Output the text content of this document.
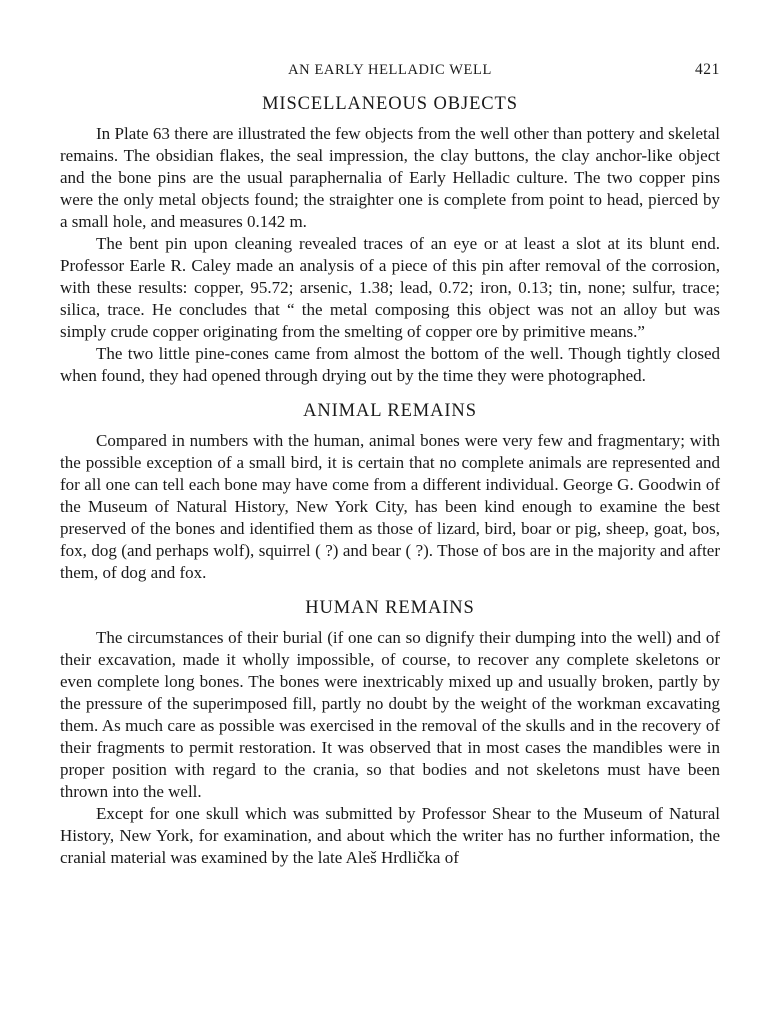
AN EARLY HELLADIC WELL	421
MISCELLANEOUS OBJECTS

In Plate 63 there are illustrated the few objects from the well other than pottery and skeletal remains. The obsidian flakes, the seal impression, the clay buttons, the clay anchor-like object and the bone pins are the usual paraphernalia of Early Helladic culture. The two copper pins were the only metal objects found; the straighter one is complete from point to head, pierced by a small hole, and measures 0.142 m.

The bent pin upon cleaning revealed traces of an eye or at least a slot at its blunt end. Professor Earle R. Caley made an analysis of a piece of this pin after removal of the corrosion, with these results: copper, 95.72; arsenic, 1.38; lead, 0.72; iron, 0.13; tin, none; sulfur, trace; silica, trace. He concludes that “ the metal composing this object was not an alloy but was simply crude copper originating from the smelting of copper ore by primitive means.”

The two little pine-cones came from almost the bottom of the well. Though tightly closed when found, they had opened through drying out by the time they were photographed.

ANIMAL REMAINS

Compared in numbers with the human, animal bones were very few and fragmentary; with the possible exception of a small bird, it is certain that no complete animals are represented and for all one can tell each bone may have come from a different individual. George G. Goodwin of the Museum of Natural History, New York City, has been kind enough to examine the best preserved of the bones and identified them as those of lizard, bird, boar or pig, sheep, goat, bos, fox, dog (and perhaps wolf), squirrel ( ?) and bear ( ?). Those of bos are in the majority and after them, of dog and fox.

HUMAN REMAINS

The circumstances of their burial (if one can so dignify their dumping into the well) and of their excavation, made it wholly impossible, of course, to recover any complete skeletons or even complete long bones. The bones were inextricably mixed up and usually broken, partly by the pressure of the superimposed fill, partly no doubt by the weight of the workman excavating them. As much care as possible was exercised in the removal of the skulls and in the recovery of their fragments to permit restoration. It was observed that in most cases the mandibles were in proper position with regard to the crania, so that bodies and not skeletons must have been thrown into the well.

Except for one skull which was submitted by Professor Shear to the Museum of Natural History, New York, for examination, and about which the writer has no further information, the cranial material was examined by the late Aleš Hrdlička of
